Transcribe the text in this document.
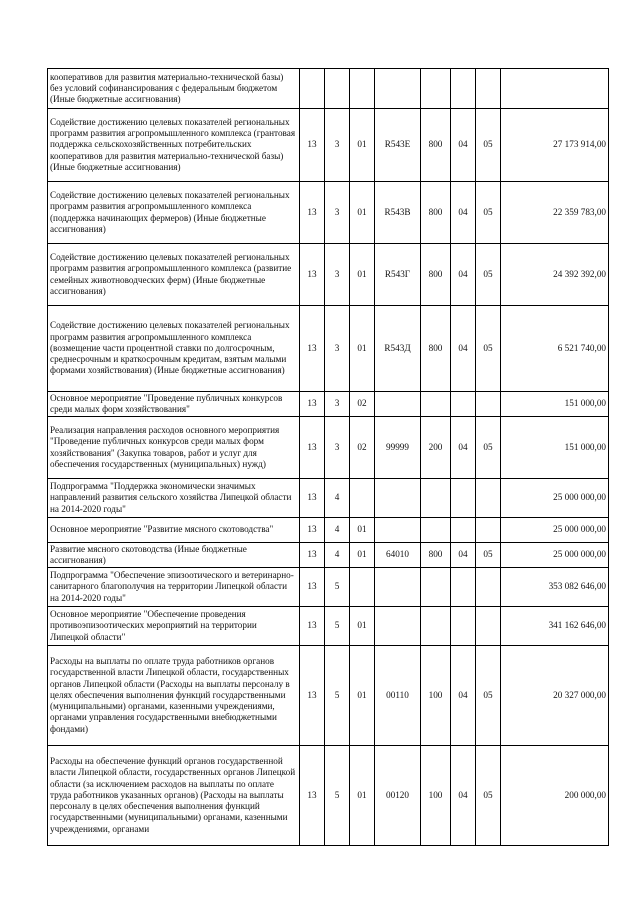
кооперативов для развития материально-технической базы) без условий софинансирования с федеральным бюджетом (Иные бюджетные ассигнования)								
Содействие достижению целевых показателей региональных программ развития агропромышленного комплекса (грантовая поддержка сельскохозяйственных потребительских кооперативов для развития материально-технической базы) (Иные бюджетные ассигнования)	13	3	01	R543Е	800	04	05	27 173 914,00
Содействие достижению целевых показателей региональных программ развития агропромышленного комплекса (поддержка начинающих фермеров) (Иные бюджетные ассигнования)	13	3	01	R543В	800	04	05	22 359 783,00
Содействие достижению целевых показателей региональных программ развития агропромышленного комплекса (развитие семейных животноводческих ферм) (Иные бюджетные ассигнования)	13	3	01	R543Г	800	04	05	24 392 392,00
Содействие достижению целевых показателей региональных программ развития агропромышленного комплекса (возмещение части процентной ставки по долгосрочным, среднесрочным и краткосрочным кредитам, взятым малыми формами хозяйствования) (Иные бюджетные ассигнования)	13	3	01	R543Д	800	04	05	6 521 740,00
Основное мероприятие "Проведение публичных конкурсов среди малых форм хозяйствования"	13	3	02					151 000,00
Реализация направления расходов основного мероприятия "Проведение публичных конкурсов среди малых форм хозяйствования" (Закупка товаров, работ и услуг для обеспечения государственных (муниципальных) нужд)	13	3	02	99999	200	04	05	151 000,00
Подпрограмма "Поддержка экономически значимых направлений развития сельского хозяйства Липецкой области на 2014-2020 годы"	13	4						25 000 000,00
Основное мероприятие "Развитие мясного скотоводства"	13	4	01					25 000 000,00
Развитие мясного скотоводства (Иные бюджетные ассигнования)	13	4	01	64010	800	04	05	25 000 000,00
Подпрограмма "Обеспечение эпизоотического и ветеринарно-санитарного благополучия на территории Липецкой области на 2014-2020 годы"	13	5						353 082 646,00
Основное мероприятие "Обеспечение проведения противоэпизоотических мероприятий на территории Липецкой области"	13	5	01					341 162 646,00
Расходы на выплаты по оплате труда работников органов государственной власти Липецкой области, государственных органов Липецкой области (Расходы на выплаты персоналу в целях обеспечения выполнения функций государственными (муниципальными) органами, казенными учреждениями, органами управления государственными внебюджетными фондами)	13	5	01	00110	100	04	05	20 327 000,00
Расходы на обеспечение функций органов государственной власти Липецкой области, государственных органов Липецкой области (за исключением расходов на выплаты по оплате труда работников указанных органов) (Расходы на выплаты персоналу в целях обеспечения выполнения функций государственными (муниципальными) органами, казенными учреждениями, органами	13	5	01	00120	100	04	05	200 000,00
